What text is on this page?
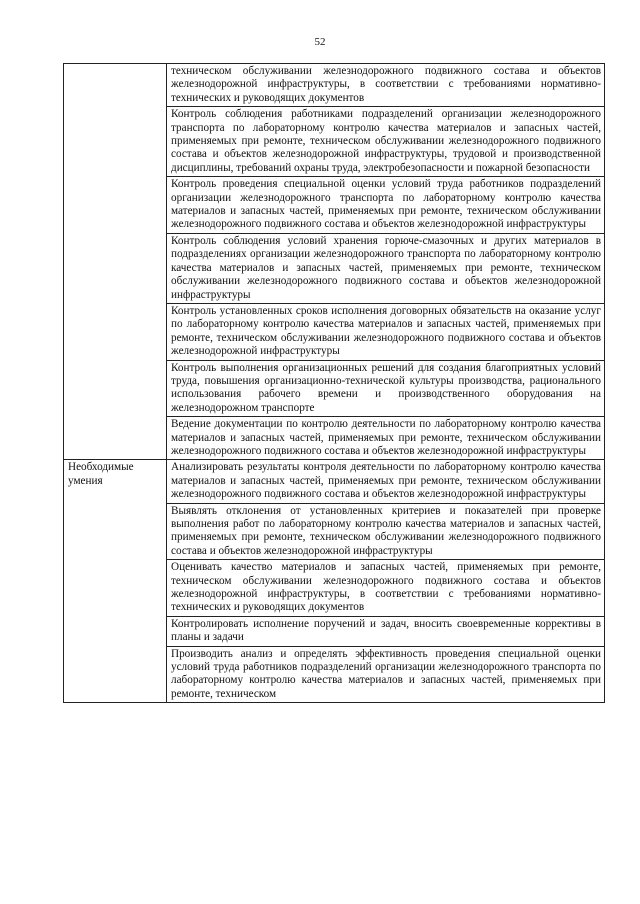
52
	техническом обслуживании железнодорожного подвижного состава и объектов железнодорожной инфраструктуры, в соответствии с требованиями нормативно-технических и руководящих документов
	Контроль соблюдения работниками подразделений организации железнодорожного транспорта по лабораторному контролю качества материалов и запасных частей, применяемых при ремонте, техническом обслуживании железнодорожного подвижного состава и объектов железнодорожной инфраструктуры, трудовой и производственной дисциплины, требований охраны труда, электробезопасности и пожарной безопасности
	Контроль проведения специальной оценки условий труда работников подразделений организации железнодорожного транспорта по лабораторному контролю качества материалов и запасных частей, применяемых при ремонте, техническом обслуживании железнодорожного подвижного состава и объектов железнодорожной инфраструктуры
	Контроль соблюдения условий хранения горюче-смазочных и других материалов в подразделениях организации железнодорожного транспорта по лабораторному контролю качества материалов и запасных частей, применяемых при ремонте, техническом обслуживании железнодорожного подвижного состава и объектов железнодорожной инфраструктуры
	Контроль установленных сроков исполнения договорных обязательств на оказание услуг по лабораторному контролю качества материалов и запасных частей, применяемых при ремонте, техническом обслуживании железнодорожного подвижного состава и объектов железнодорожной инфраструктуры
	Контроль выполнения организационных решений для создания благоприятных условий труда, повышения организационно-технической культуры производства, рационального использования рабочего времени и производственного оборудования на железнодорожном транспорте
	Ведение документации по контролю деятельности по лабораторному контролю качества материалов и запасных частей, применяемых при ремонте, техническом обслуживании железнодорожного подвижного состава и объектов железнодорожной инфраструктуры
Необходимые умения	Анализировать результаты контроля деятельности по лабораторному контролю качества материалов и запасных частей, применяемых при ремонте, техническом обслуживании железнодорожного подвижного состава и объектов железнодорожной инфраструктуры
	Выявлять отклонения от установленных критериев и показателей при проверке выполнения работ по лабораторному контролю качества материалов и запасных частей, применяемых при ремонте, техническом обслуживании железнодорожного подвижного состава и объектов железнодорожной инфраструктуры
	Оценивать качество материалов и запасных частей, применяемых при ремонте, техническом обслуживании железнодорожного подвижного состава и объектов железнодорожной инфраструктуры, в соответствии с требованиями нормативно-технических и руководящих документов
	Контролировать исполнение поручений и задач, вносить своевременные коррективы в планы и задачи
	Производить анализ и определять эффективность проведения специальной оценки условий труда работников подразделений организации железнодорожного транспорта по лабораторному контролю качества материалов и запасных частей, применяемых при ремонте, техническом
